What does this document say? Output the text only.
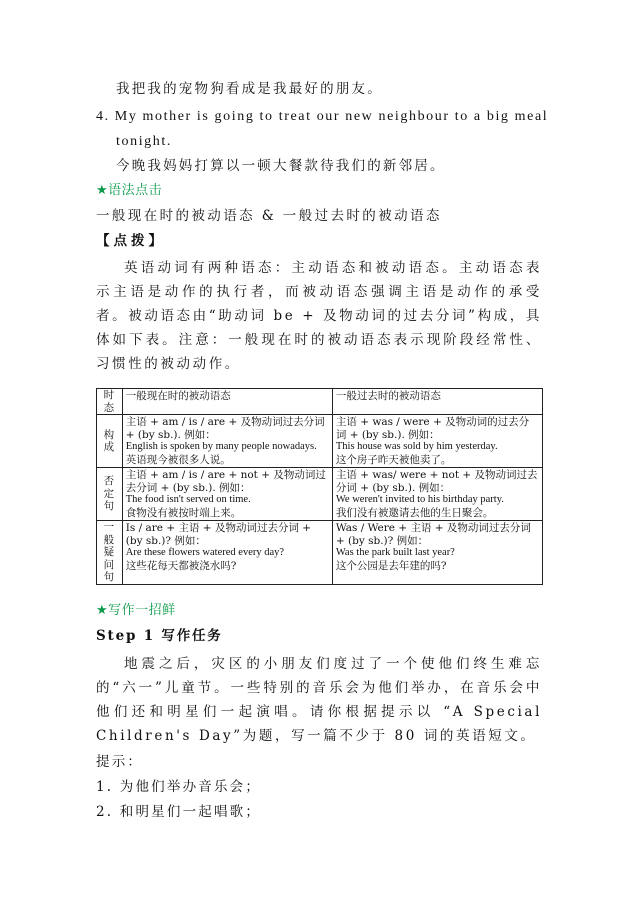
我把我的宠物狗看成是我最好的朋友。
4. My mother is going to treat our new neighbour to a big meal
tonight.
今晚我妈妈打算以一顿大餐款待我们的新邻居。
★语法点击
一般现在时的被动语态 & 一般过去时的被动语态
【点拨】
英语动词有两种语态：主动语态和被动语态。主动语态表示主语是动作的执行者，而被动语态强调主语是动作的承受者。被动语态由“助动词 be + 及物动词的过去分词”构成，具体如下表。注意：一般现在时的被动语态表示现阶段经常性、习惯性的被动动作。
时态	一般现在时的被动语态	一般过去时的被动语态
构成	主语 + am / is / are + 及物动词过去分词 + (by sb.). 例如：
English is spoken by many people nowadays.
英语现今被很多人说。	主语 + was / were + 及物动词的过去分词 + (by sb.). 例如：
This house was sold by him yesterday.
这个房子昨天被他卖了。

否定句	主语 + am / is / are + not + 及物动词过去分词 + (by sb.). 例如：
The food isn't served on time.
食物没有被按时端上来。	主语 + was/ were + not + 及物动词过去分词 + (by sb.). 例如：
We weren't invited to his birthday party.
我们没有被邀请去他的生日聚会。

一般疑问句	Is / are + 主语 + 及物动词过去分词 + (by sb.)? 例如：
Are these flowers watered every day?
这些花每天都被浇水吗?	Was / Were + 主语 + 及物动词过去分词 + (by sb.)? 例如：
Was the park built last year?
这个公园是去年建的吗?
★写作一招鲜
Step 1 写作任务
地震之后，灾区的小朋友们度过了一个使他们终生难忘的“六一”儿童节。一些特别的音乐会为他们举办，在音乐会中他们还和明星们一起演唱。请你根据提示以 “A Special Children's Day”为题，写一篇不少于 80 词的英语短文。
提示：
1. 为他们举办音乐会；
2. 和明星们一起唱歌；
